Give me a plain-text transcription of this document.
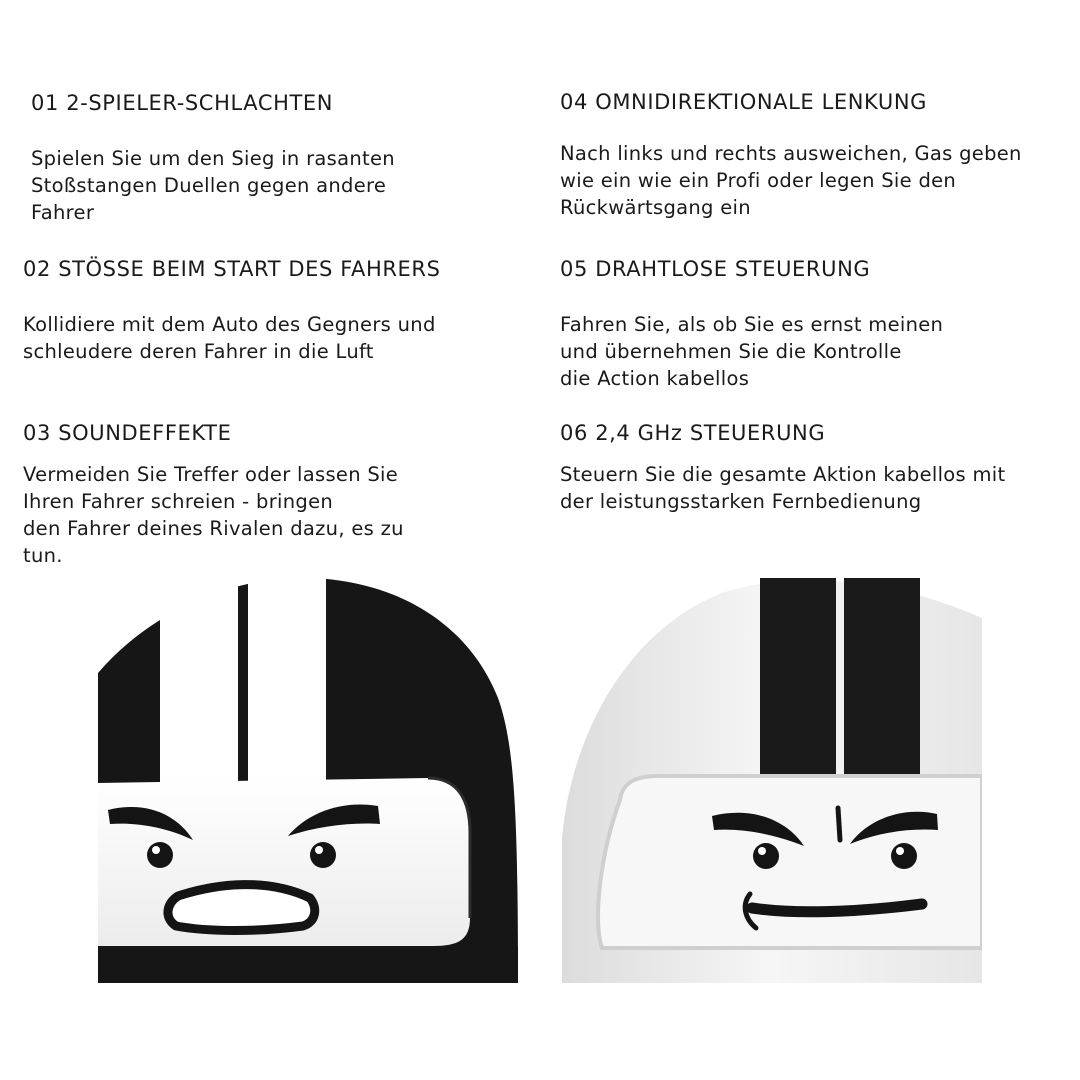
01 2-SPIELER-SCHLACHTEN

Spielen Sie um den Sieg in rasanten
Stoßstangen Duellen gegen andere
Fahrer

02 STÖSSE BEIM START DES FAHRERS

Kollidiere mit dem Auto des Gegners und
schleudere deren Fahrer in die Luft

03 SOUNDEFFEKTE

Vermeiden Sie Treffer oder lassen Sie
Ihren Fahrer schreien - bringen
den Fahrer deines Rivalen dazu, es zu
tun.

04 OMNIDIREKTIONALE LENKUNG

Nach links und rechts ausweichen, Gas geben
wie ein wie ein Profi oder legen Sie den
Rückwärtsgang ein

05 DRAHTLOSE STEUERUNG

Fahren Sie, als ob Sie es ernst meinen
und übernehmen Sie die Kontrolle
die Action kabellos

06 2,4 GHz STEUERUNG

Steuern Sie die gesamte Aktion kabellos mit
der leistungsstarken Fernbedienung
